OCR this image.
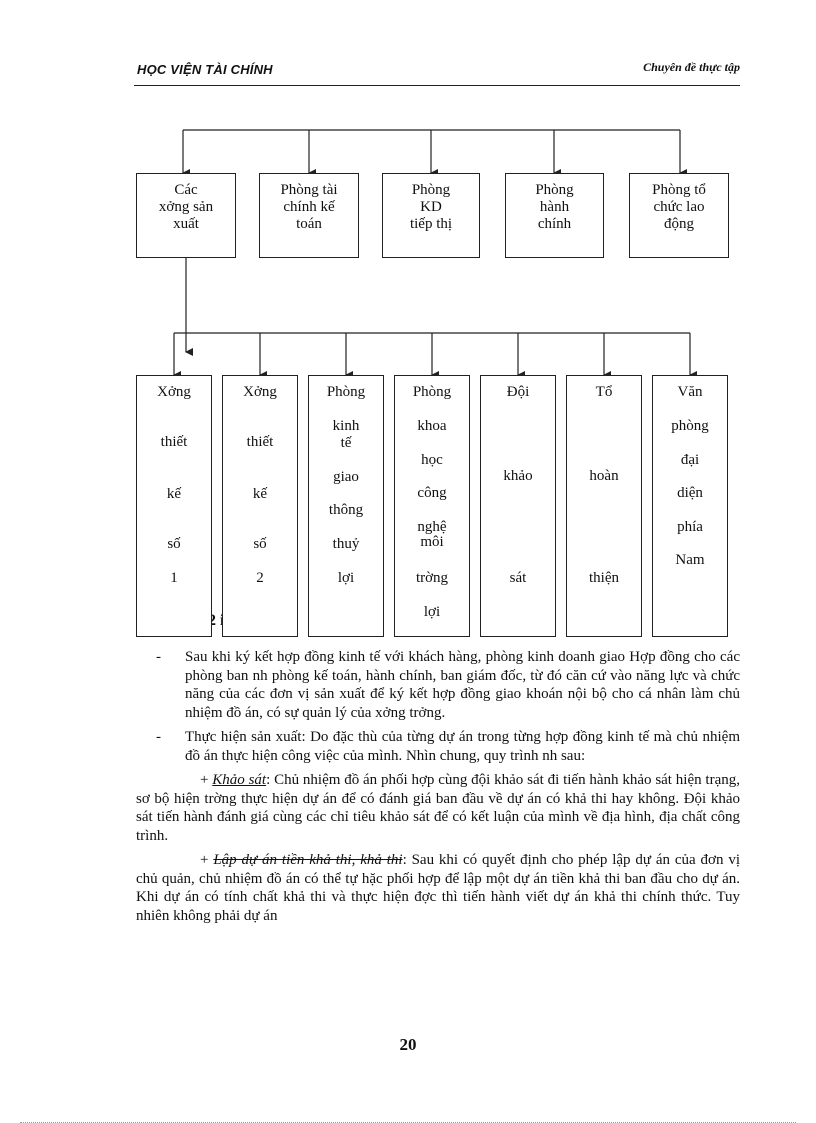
HỌC VIỆN TÀI CHÍNH	Chuyên đề thực tập
Các
xởng sản
xuất
Phòng tài
chính kế
toán
Phòng
KD
tiếp thị
Phòng
hành
chính
Phòng tổ
chức lao
động
Xởng
thiết
kế
số
1
Xởng
thiết
kế
số
2
Phòng
kinh
tế
giao
thông
thuỷ
lợi
Phòng
khoa
học
công
nghệ
môi
trờng
lợi
Đội
khảo
sát
Tổ
hoàn
thiện
Văn
phòng
đại
diện
phía
Nam
- Sau khi ký kết hợp đồng kinh tế với khách hàng, phòng kinh doanh giao Hợp đồng cho các phòng ban nh phòng kế toán, hành chính, ban giám đốc, từ đó căn cứ vào năng lực và chức năng của các đơn vị sản xuất để ký kết hợp đồng giao khoán nội bộ cho cá nhân làm chủ nhiệm đồ án, có sự quản lý của xởng trởng.
- Thực hiện sản xuất: Do đặc thù của từng dự án trong từng hợp đồng kinh tế mà chủ nhiệm đồ án thực hiện công việc của mình. Nhìn chung, quy trình nh sau:
+ Khảo sát: Chủ nhiệm đồ án phối hợp cùng đội khảo sát đi tiến hành khảo sát hiện trạng, sơ bộ hiện trờng thực hiện dự án để có đánh giá ban đầu về dự án có khả thi hay không. Đội khảo sát tiến hành đánh giá cùng các chỉ tiêu khảo sát để có kết luận của mình về địa hình, địa chất công trình.
+ Lập dự án tiền khả thi, khả thi: Sau khi có quyết định cho phép lập dự án của đơn vị chủ quản, chủ nhiệm đồ án có thể tự hặc phối hợp để lập một dự án tiền khả thi ban đầu cho dự án. Khi dự án có tính chất khả thi và thực hiện đợc thì tiến hành viết dự án khả thi chính thức. Tuy nhiên không phải dự án
20
